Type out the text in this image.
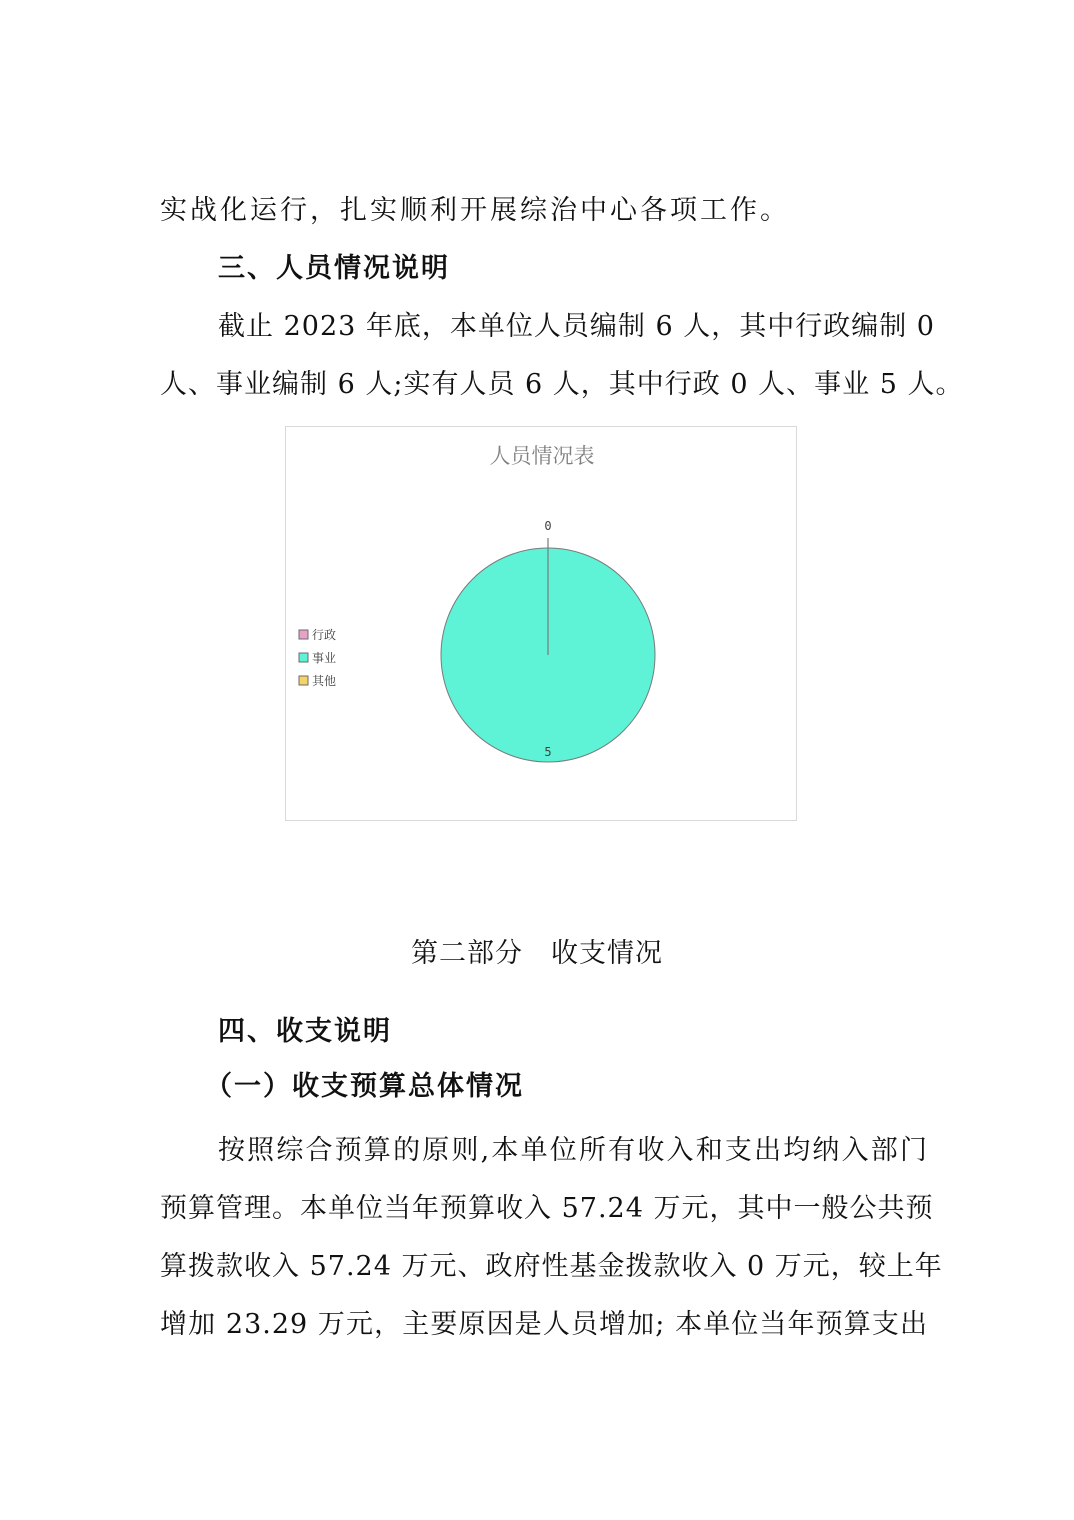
实战化运行，扎实顺利开展综治中心各项工作。
三、人员情况说明
截止 2023 年底，本单位人员编制 6 人，其中行政编制 0
人、事业编制 6 人;实有人员 6 人，其中行政 0 人、事业 5 人。
人员情况表
0
5
行政
事业
其他
第二部分　收支情况
四、收支说明
（一）收支预算总体情况
按照综合预算的原则,本单位所有收入和支出均纳入部门
预算管理。本单位当年预算收入 57.24 万元，其中一般公共预
算拨款收入 57.24 万元、政府性基金拨款收入 0 万元，较上年
增加 23.29 万元，主要原因是人员增加; 本单位当年预算支出
